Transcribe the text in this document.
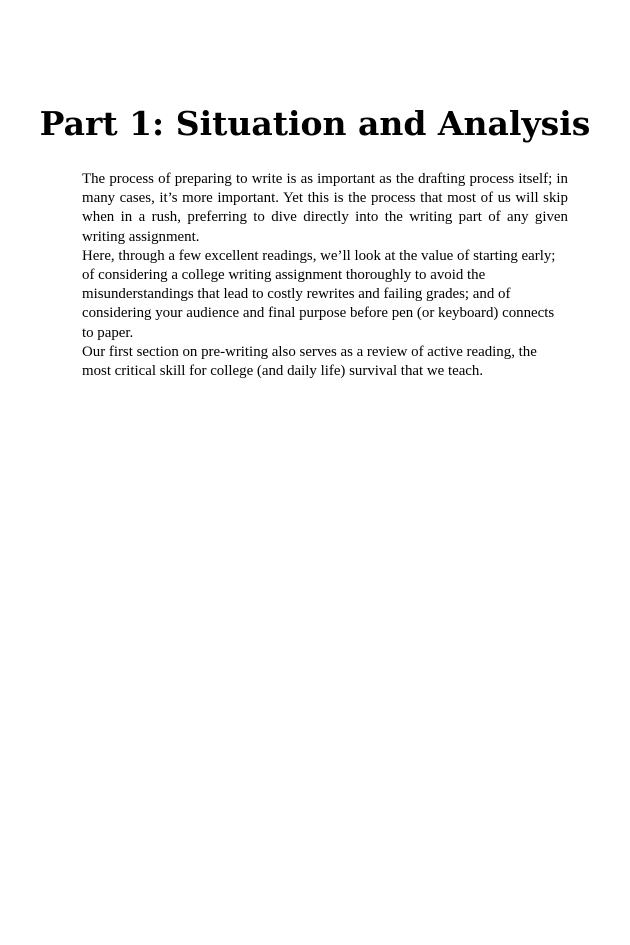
Part 1: Situation and Analysis

The process of preparing to write is as important as the drafting process itself; in many cases, it’s more important. Yet this is the process that most of us will skip when in a rush, preferring to dive directly into the writing part of any given writing assignment.

Here, through a few excellent readings, we’ll look at the value of starting early; of considering a college writing assignment thoroughly to avoid the misunderstandings that lead to costly rewrites and failing grades; and of considering your audience and final purpose before pen (or keyboard) connects to paper.

Our first section on pre-writing also serves as a review of active reading, the most critical skill for college (and daily life) survival that we teach.
